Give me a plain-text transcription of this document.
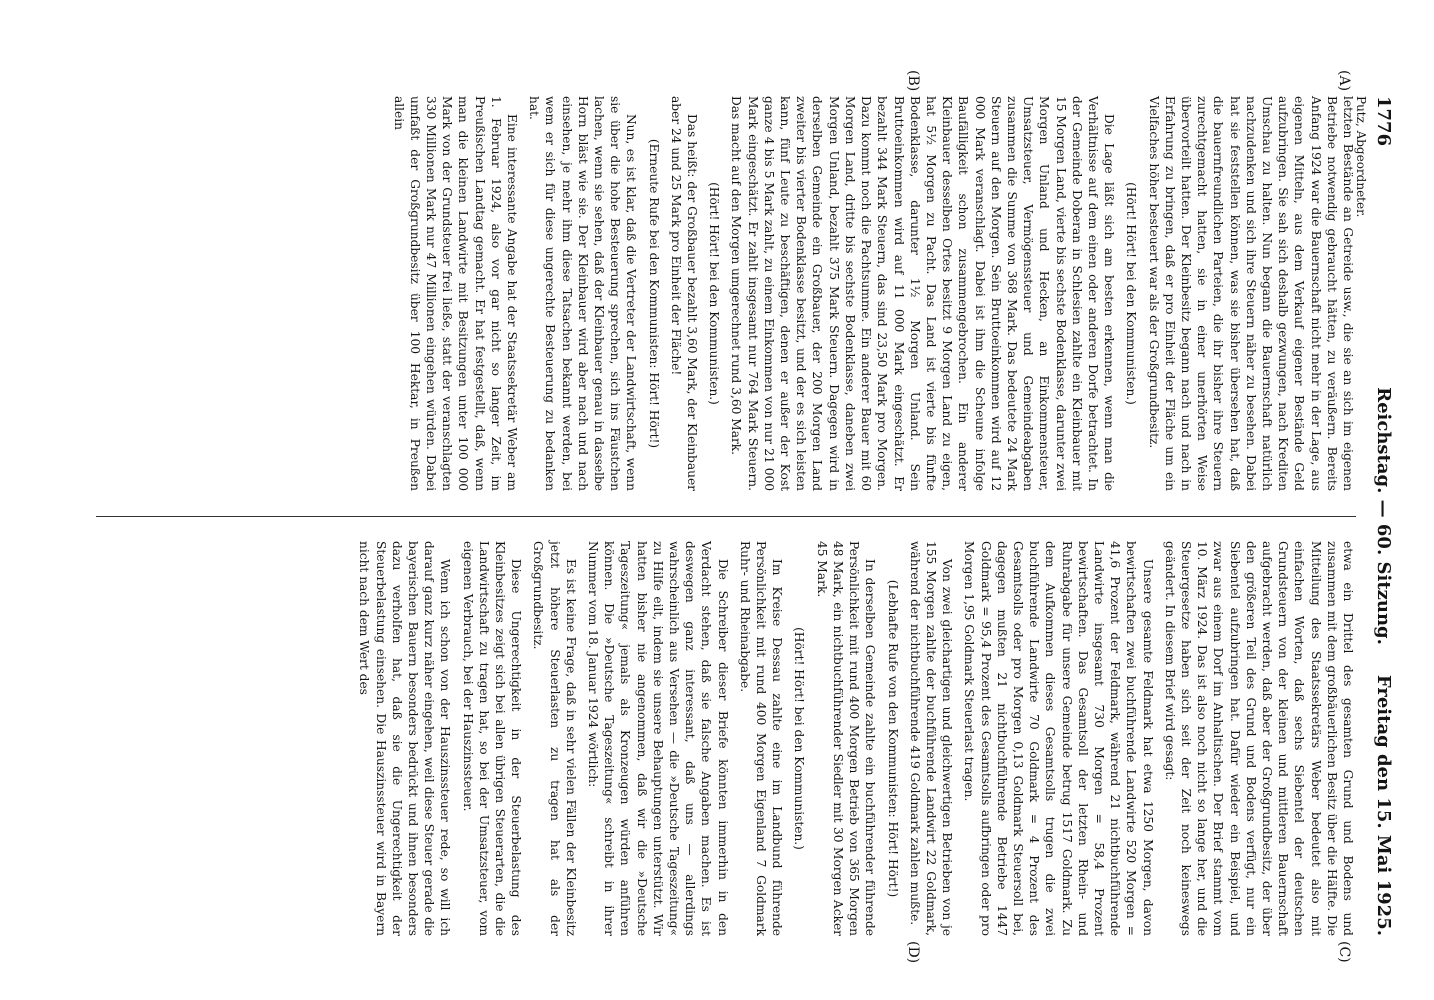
1776
Reichstag. — 60. Sitzung.
Freitag den 15. Mai 1925.
Putz, Abgeordneter.
(A)
(B)
(C)
(D)

letzten Bestände an Getreide usw., die sie an sich im eigenen Betriebe notwendig gebraucht hätten, zu veräußern. Bereits Anfang 1924 war die Bauernschaft nicht mehr in der Lage, aus eigenen Mitteln, aus dem Verkauf eigener Bestände Geld aufzubringen. Sie sah sich deshalb gezwungen, nach Krediten Umschau zu halten. Nun begann die Bauernschaft natürlich nachzudenken und sich ihre Steuern näher zu besehen. Dabei hat sie feststellen können, was sie bisher übersehen hat, daß die bauernfreundlichen Parteien, die ihr bisher ihre Steuern zurechtgemacht hatten, sie in einer unerhörten Weise übervorteilt hatten. Der Kleinbesitz begann nach und nach in Erfahrung zu bringen, daß er pro Einheit der Fläche um ein Vielfaches höher besteuert war als der Großgrundbesitz.

(Hört! Hört! bei den Kommunisten.)

Die Lage läßt sich am besten erkennen, wenn man die Verhältnisse auf dem einen oder anderen Dorfe betrachtet. In der Gemeinde Doberan in Schlesien zahlte ein Kleinbauer mit 15 Morgen Land, vierte bis sechste Bodenklasse, darunter zwei Morgen Unland und Hecken, an Einkommensteuer, Umsatzsteuer, Vermögenssteuer und Gemeindeabgaben zusammen die Summe von 368 Mark. Das bedeutete 24 Mark Steuern auf den Morgen. Sein Bruttoeinkommen wird auf 12 000 Mark veranschlagt. Dabei ist ihm die Scheune infolge Baufälligkeit schon zusammengebrochen. Ein anderer Kleinbauer desselben Ortes besitzt 9 Morgen Land zu eigen, hat 5½ Morgen zu Pacht. Das Land ist vierte bis fünfte Bodenklasse, darunter 1½ Morgen Unland. Sein Bruttoeinkommen wird auf 11 000 Mark eingeschätzt. Er bezahlt 344 Mark Steuern, das sind 23,50 Mark pro Morgen. Dazu kommt noch die Pachtsumme. Ein anderer Bauer mit 60 Morgen Land, dritte bis sechste Bodenklasse, daneben zwei Morgen Unland, bezahlt 375 Mark Steuern. Dagegen wird in derselben Gemeinde ein Großbauer, der 200 Morgen Land zweiter bis vierter Bodenklasse besitzt, und der es sich leisten kann, fünf Leute zu beschäftigen, denen er außer der Kost ganze 4 bis 5 Mark zahlt, zu einem Einkommen von nur 21 000 Mark eingeschätzt. Er zahlt insgesamt nur 764 Mark Steuern. Das macht auf den Morgen umgerechnet rund 3,60 Mark.

(Hört! Hört! bei den Kommunisten.)

Das heißt: der Großbauer bezahlt 3,60 Mark, der Kleinbauer aber 24 und 25 Mark pro Einheit der Fläche!

(Erneute Rufe bei den Kommunisten: Hört! Hört!)

Nun, es ist klar, daß die Vertreter der Landwirtschaft, wenn sie über die hohe Besteuerung sprechen, sich ins Fäustchen lachen, wenn sie sehen, daß der Kleinbauer genau in dasselbe Horn bläst wie sie. Der Kleinbauer wird aber nach und nach einsehen, je mehr ihm diese Tatsachen bekannt werden, bei wem er sich für diese ungerechte Besteuerung zu bedanken hat.

Eine interessante Angabe hat der Staatssekretär Weber am 1. Februar 1924, also vor gar nicht so langer Zeit, im Preußischen Landtag gemacht. Er hat festgestellt, daß, wenn man die kleinen Landwirte mit Besitzungen unter 100 000 Mark von der Grundsteuer frei ließe, statt der veranschlagten 330 Millionen Mark nur 47 Millionen eingehen würden. Dabei umfaßt der Großgrundbesitz über 100 Hektar, in Preußen allein

etwa ein Drittel des gesamten Grund und Bodens und zusammen mit dem großbäuerlichen Besitz über die Hälfte. Die Mitteilung des Staatssekretärs Weber bedeutet also mit einfachen Worten, daß sechs Siebentel der deutschen Grundsteuern von der kleinen und mittleren Bauernschaft aufgebracht werden, daß aber der Großgrundbesitz, der über den größeren Teil des Grund und Bodens verfügt, nur ein Siebentel aufzubringen hat. Dafür wieder ein Beispiel, und zwar aus einem Dorf im Anhaltischen. Der Brief stammt vom 10. März 1924. Das ist also noch nicht so lange her, und die Steuergesetze haben sich seit der Zeit noch keineswegs geändert. In diesem Brief wird gesagt:

Unsere gesamte Feldmark hat etwa 1250 Morgen, davon bewirtschaften zwei buchführende Landwirte 520 Morgen = 41,6 Prozent der Feldmark, während 21 nichtbuchführende Landwirte insgesamt 730 Morgen = 58,4 Prozent bewirtschaften. Das Gesamtsoll der letzten Rhein- und Ruhrabgabe für unsere Gemeinde betrug 1517 Goldmark. Zu dem Aufkommen dieses Gesamtsolls trugen die zwei buchführende Landwirte 70 Goldmark = 4 Prozent des Gesamtsolls oder pro Morgen 0,13 Goldmark Steuersoll bei, dagegen mußten 21 nichtbuchführende Betriebe 1447 Goldmark = 95,4 Prozent des Gesamtsolls aufbringen oder pro Morgen 1,95 Goldmark Steuerlast tragen.

Von zwei gleichartigen und gleichwertigen Betrieben von je 155 Morgen zahlte der buchführende Landwirt 22 Goldmark, während der nichtbuchführende 419 Goldmark zahlen mußte.

(Lebhafte Rufe von den Kommunisten: Hört! Hört!)

In derselben Gemeinde zahlte ein buchführender führende Persönlichkeit mit rund 400 Morgen Betrieb von 365 Morgen 48 Mark, ein nichtbuchführender Siedler mit 30 Morgen Acker 45 Mark.

(Hört! Hört! bei den Kommunisten.)

Im Kreise Dessau zahlte eine im Landbund führende Persönlichkeit mit rund 400 Morgen Eigenland 7 Goldmark Ruhr- und Rheinabgabe.

Die Schreiber dieser Briefe könnten immerhin in den Verdacht stehen, daß sie falsche Angaben machen. Es ist deswegen ganz interessant, daß uns — allerdings wahrscheinlich aus Versehen — die »Deutsche Tageszeitung« zu Hilfe eilt, indem sie unsere Behauptungen unterstützt. Wir hatten bisher nie angenommen, daß wir die »Deutsche Tageszeitung« jemals als Kronzeugen würden anführen können. Die »Deutsche Tageszeitung« schreibt in ihrer Nummer vom 18. Januar 1924 wörtlich:

Es ist keine Frage, daß in sehr vielen Fällen der Kleinbesitz jetzt höhere Steuerlasten zu tragen hat als der Großgrundbesitz.

Diese Ungerechtigkeit in der Steuerbelastung des Kleinbesitzes zeigt sich bei allen übrigen Steuerarten, die die Landwirtschaft zu tragen hat, so bei der Umsatzsteuer, vom eigenen Verbrauch, bei der Hauszinssteuer.

Wenn ich schon von der Hauszinssteuer rede, so will ich darauf ganz kurz näher eingehen, weil diese Steuer gerade die bayerischen Bauern besonders bedrückt und ihnen besonders dazu verholfen hat, daß sie die Ungerechtigkeit der Steuerbelastung einsehen. Die Hauszinssteuer wird in Bayern nicht nach dem Wert des
